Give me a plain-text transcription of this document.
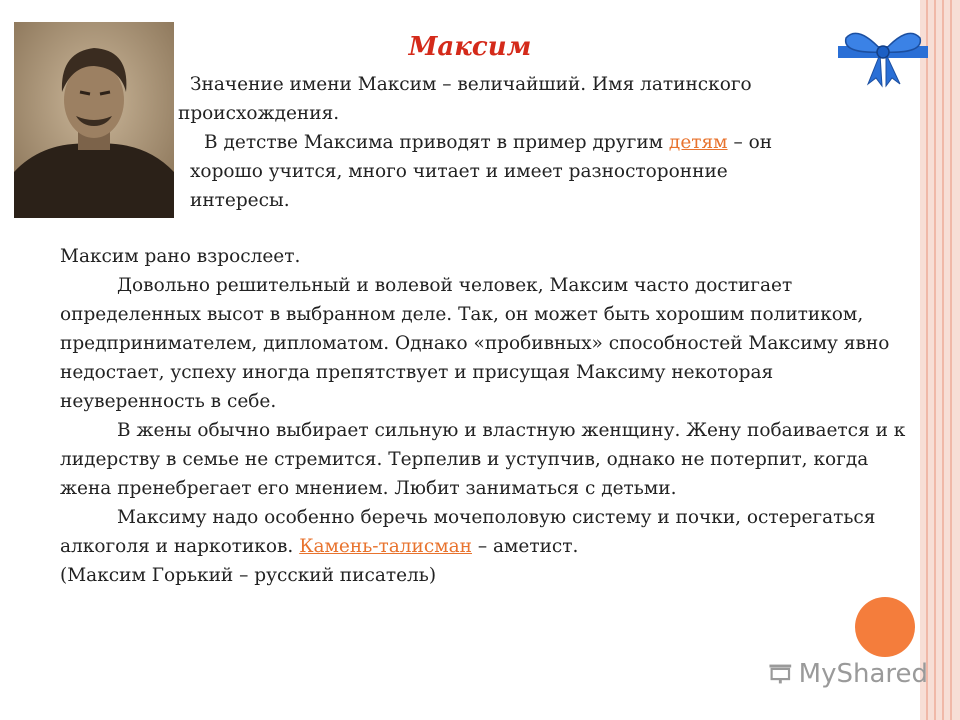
Максим

Значение имени Максим – величайший. Имя латинского

происхождения.

В детстве Максима приводят в пример другим детям – он

хорошо учится, много читает и имеет разносторонние

интересы.

Максим рано взрослеет.

Довольно решительный и волевой человек, Максим часто достигает определенных высот в выбранном деле. Так, он может быть хорошим политиком, предпринимателем, дипломатом. Однако «пробивных» способностей Максиму явно недостает, успеху иногда препятствует и присущая Максиму некоторая неуверенность в себе.

В жены обычно выбирает сильную и властную женщину. Жену побаивается и к лидерству в семье не стремится. Терпелив и уступчив, однако не потерпит, когда жена пренебрегает его мнением. Любит заниматься с детьми.

Максиму надо особенно беречь мочеполовую систему и почки, остерегаться алкоголя и наркотиков. Камень-талисман – аметист.

(Максим Горький – русский писатель)

MyShared
